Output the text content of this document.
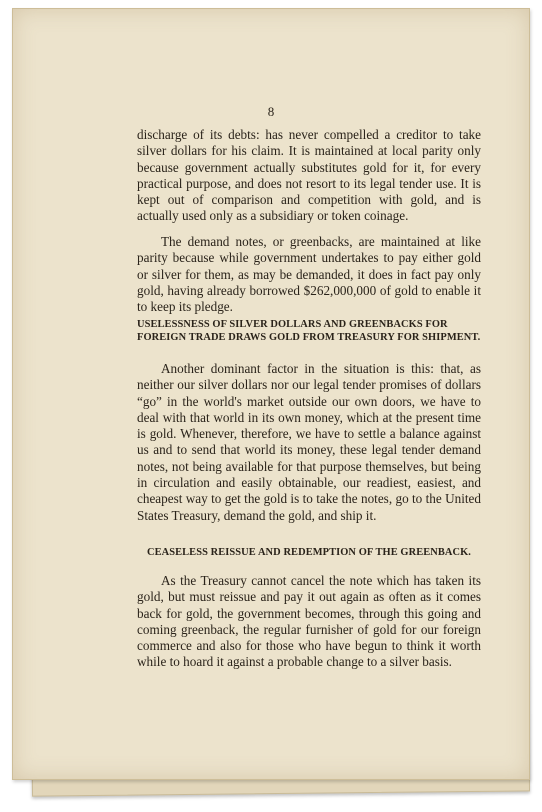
8

discharge of its debts: has never compelled a creditor to take silver dollars for his claim. It is maintained at local parity only because government actually substitutes gold for it, for every practical purpose, and does not resort to its legal tender use. It is kept out of comparison and competition with gold, and is actually used only as a subsidiary or token coinage.

The demand notes, or greenbacks, are maintained at like parity because while government undertakes to pay either gold or silver for them, as may be demanded, it does in fact pay only gold, having already borrowed $262,000,000 of gold to enable it to keep its pledge.

USELESSNESS OF SILVER DOLLARS AND GREENBACKS FOR FOREIGN TRADE DRAWS GOLD FROM TREASURY FOR SHIPMENT.

Another dominant factor in the situation is this: that, as neither our silver dollars nor our legal tender promises of dollars “go” in the world's market outside our own doors, we have to deal with that world in its own money, which at the present time is gold. Whenever, therefore, we have to settle a balance against us and to send that world its money, these legal tender demand notes, not being available for that purpose themselves, but being in circulation and easily obtainable, our readiest, easiest, and cheapest way to get the gold is to take the notes, go to the United States Treasury, demand the gold, and ship it.

CEASELESS REISSUE AND REDEMPTION OF THE GREENBACK.

As the Treasury cannot cancel the note which has taken its gold, but must reissue and pay it out again as often as it comes back for gold, the government becomes, through this going and coming greenback, the regular furnisher of gold for our foreign commerce and also for those who have begun to think it worth while to hoard it against a probable change to a silver basis.
